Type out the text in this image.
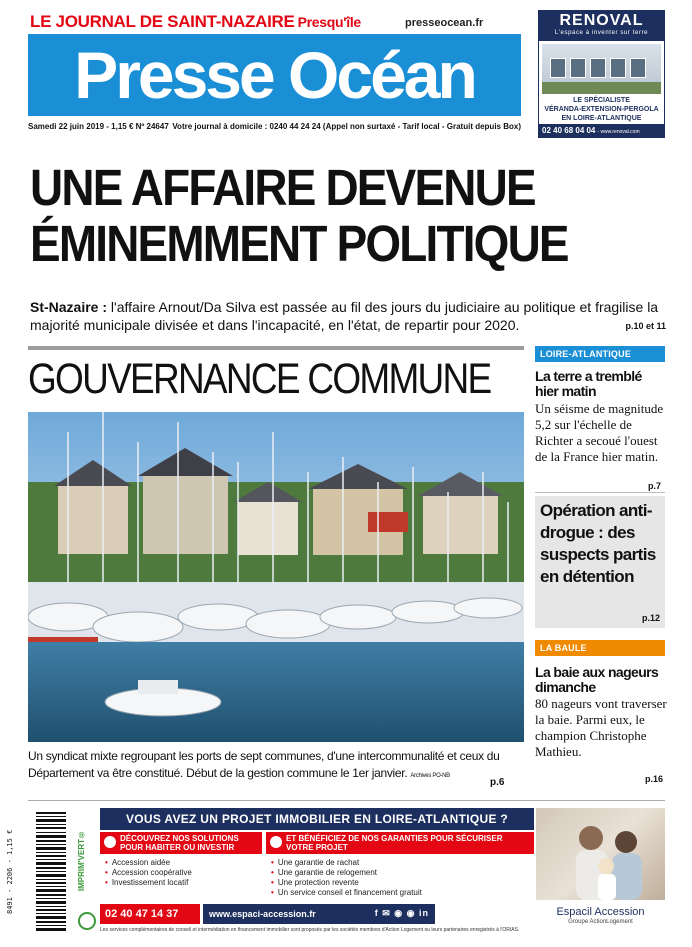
LE JOURNAL DE SAINT-NAZAIRE Presqu'île	presseocean.fr
Presse Océan
Samedi 22 juin 2019 - 1,15 € Nº 24647 Votre journal à domicile : 0240 44 24 24 (Appel non surtaxé - Tarif local - Gratuit depuis Box)
RENOVAL
L'espace à inventer sur terre
LE SPÉCIALISTE
VÉRANDA-EXTENSION-PERGOLA
EN LOIRE-ATLANTIQUE
02 40 68 04 04 - www.renoval.com
UNE AFFAIRE DEVENUE
ÉMINEMMENT POLITIQUE
St-Nazaire : l'affaire Arnout/Da Silva est passée au fil des jours du judiciaire au politique et fragilise la majorité municipale divisée et dans l'incapacité, en l'état, de repartir pour 2020.	p.10 et 11
GOUVERNANCE COMMUNE
Un syndicat mixte regroupant les ports de sept communes, d'une intercommunalité et ceux du Département va être constitué. Début de la gestion commune le 1er janvier. Archives PO-NB
p.6
LOIRE-ATLANTIQUE
La terre a tremblé hier matin
Un séisme de magnitude 5,2 sur l'échelle de Richter a secoué l'ouest de la France hier matin.
p.7
Opération anti-drogue : des suspects partis en détention
p.12
LA BAULE
La baie aux nageurs dimanche
80 nageurs vont traverser la baie. Parmi eux, le champion Christophe Mathieu.
p.16
8491 - 2206 - 1,15 €	IMPRIM'VERT®
VOUS AVEZ UN PROJET IMMOBILIER EN LOIRE-ATLANTIQUE ?
DÉCOUVREZ NOS SOLUTIONS POUR HABITER OU INVESTIR
• Accession aidée
• Accession coopérative
• Investissement locatif
ET BÉNÉFICIEZ DE NOS GARANTIES POUR SÉCURISER VOTRE PROJET
• Une garantie de rachat
• Une garantie de relogement
• Une protection revente
• Un service conseil et financement gratuit
02 40 47 14 37	www.espaci-accession.fr	f ✉ ◉ ◉ in
Les services complémentaires de conseil et intermédiation en financement immobilier sont proposés par les sociétés membres d'Action Logement ou leurs partenaires enregistrés à l'ORIAS.
Espacil Accession
Groupe ActionLogement
